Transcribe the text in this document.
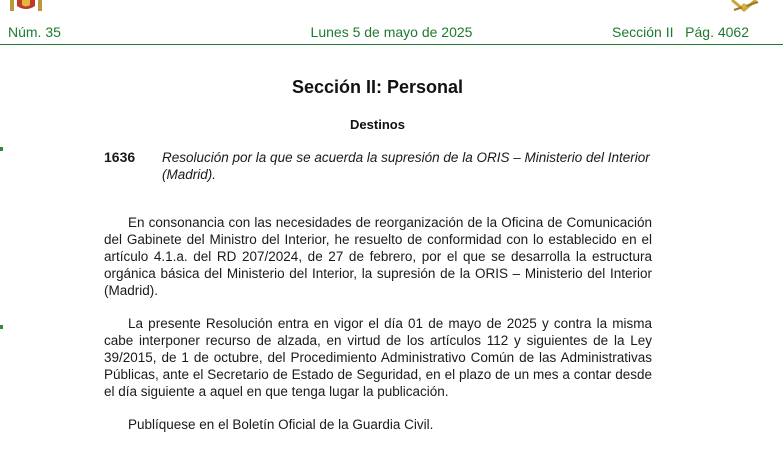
Núm. 35	Lunes 5 de mayo de 2025	Sección II   Pág. 4062
Sección II: Personal
Destinos
1636 Resolución por la que se acuerda la supresión de la ORIS – Ministerio del Interior (Madrid).

En consonancia con las necesidades de reorganización de la Oficina de Comunicación del Gabinete del Ministro del Interior, he resuelto de conformidad con lo establecido en el artículo 4.1.a. del RD 207/2024, de 27 de febrero, por el que se desarrolla la estructura orgánica básica del Ministerio del Interior, la supresión de la ORIS – Ministerio del Interior (Madrid).

La presente Resolución entra en vigor el día 01 de mayo de 2025 y contra la misma cabe interponer recurso de alzada, en virtud de los artículos 112 y siguientes de la Ley 39/2015, de 1 de octubre, del Procedimiento Administrativo Común de las Administrativas Públicas, ante el Secretario de Estado de Seguridad, en el plazo de un mes a contar desde el día siguiente a aquel en que tenga lugar la publicación.

Publíquese en el Boletín Oficial de la Guardia Civil.
